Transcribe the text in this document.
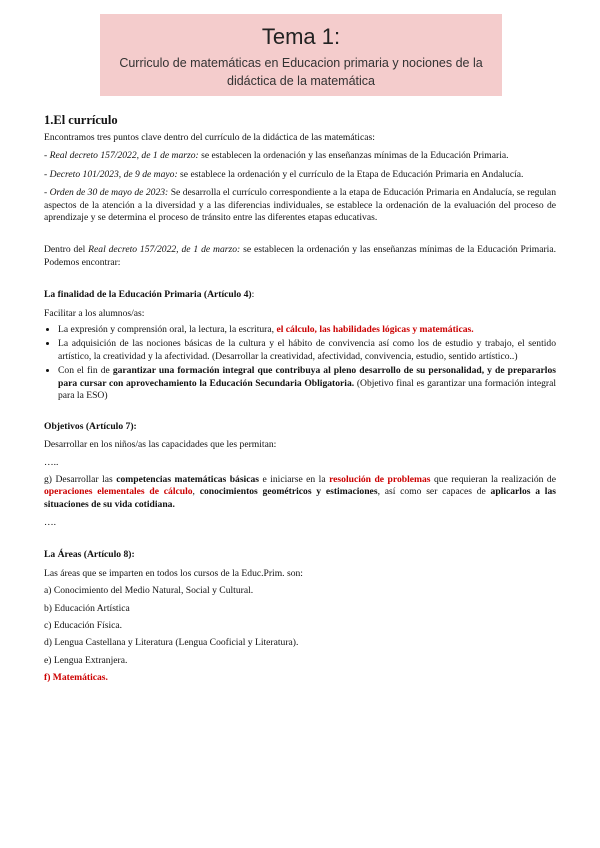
Tema 1:
Curriculo de matemáticas en Educacion primaria y nociones de la didáctica de la matemática

1.El currículo

Encontramos tres puntos clave dentro del currículo de la didáctica de las matemáticas:

- Real decreto 157/2022, de 1 de marzo: se establecen la ordenación y las enseñanzas mínimas de la Educación Primaria.

- Decreto 101/2023, de 9 de mayo: se establece la ordenación y el currículo de la Etapa de Educación Primaria en Andalucía.

- Orden de 30 de mayo de 2023: Se desarrolla el currículo correspondiente a la etapa de Educación Primaria en Andalucía, se regulan aspectos de la atención a la diversidad y a las diferencias individuales, se establece la ordenación de la evaluación del proceso de aprendizaje y se determina el proceso de tránsito entre las diferentes etapas educativas.

Dentro del Real decreto 157/2022, de 1 de marzo: se establecen la ordenación y las enseñanzas mínimas de la Educación Primaria. Podemos encontrar:

La finalidad de la Educación Primaria (Artículo 4):

Facilitar a los alumnos/as:

• La expresión y comprensión oral, la lectura, la escritura, el cálculo, las habilidades lógicas y matemáticas.
• La adquisición de las nociones básicas de la cultura y el hábito de convivencia así como los de estudio y trabajo, el sentido artístico, la creatividad y la afectividad. (Desarrollar la creatividad, afectividad, convivencia, estudio, sentido artístico..)
• Con el fin de garantizar una formación integral que contribuya al pleno desarrollo de su personalidad, y de prepararlos para cursar con aprovechamiento la Educación Secundaria Obligatoria. (Objetivo final es garantizar una formación integral para la ESO)

Objetivos (Artículo 7):

Desarrollar en los niños/as las capacidades que les permitan:

…..

g) Desarrollar las competencias matemáticas básicas e iniciarse en la resolución de problemas que requieran la realización de operaciones elementales de cálculo, conocimientos geométricos y estimaciones, así como ser capaces de aplicarlos a las situaciones de su vida cotidiana.

….

La Áreas (Artículo 8):

Las áreas que se imparten en todos los cursos de la Educ.Prim. son:

a) Conocimiento del Medio Natural, Social y Cultural.

b) Educación Artística

c) Educación Física.

d) Lengua Castellana y Literatura (Lengua Cooficial y Literatura).

e) Lengua Extranjera.

f) Matemáticas.
